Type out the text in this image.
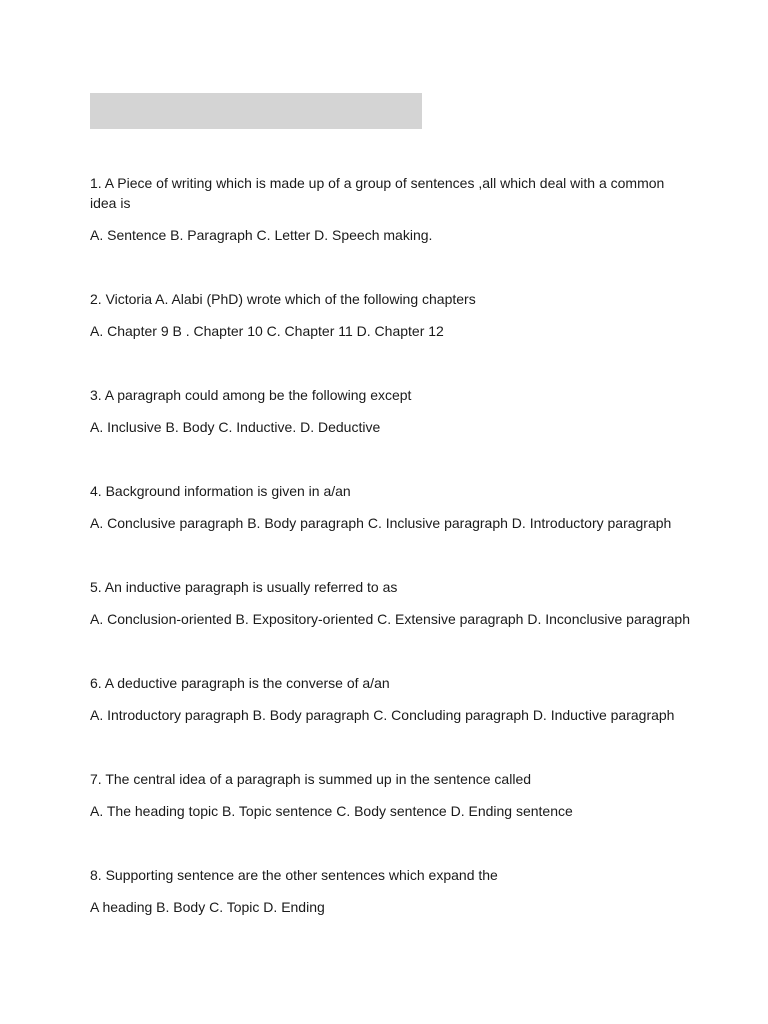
1. A Piece of writing which is made up of a group of sentences ,all which deal with a common idea is

A. Sentence B. Paragraph C. Letter D. Speech making.

2. Victoria A. Alabi (PhD) wrote which of the following chapters

A. Chapter 9 B . Chapter 10 C. Chapter 11 D. Chapter 12

3. A paragraph could among be the following except

A. Inclusive B. Body C. Inductive. D. Deductive

4. Background information is given in a/an

A. Conclusive paragraph B. Body paragraph C. Inclusive paragraph D. Introductory paragraph

5. An inductive paragraph is usually referred to as

A. Conclusion-oriented B. Expository-oriented C. Extensive paragraph D. Inconclusive paragraph

6. A deductive paragraph is the converse of a/an

A. Introductory paragraph B. Body paragraph C. Concluding paragraph D. Inductive paragraph

7. The central idea of a paragraph is summed up in the sentence called

A. The heading topic B. Topic sentence C. Body sentence D. Ending sentence

8. Supporting sentence are the other sentences which expand the

A heading B. Body C. Topic D. Ending
